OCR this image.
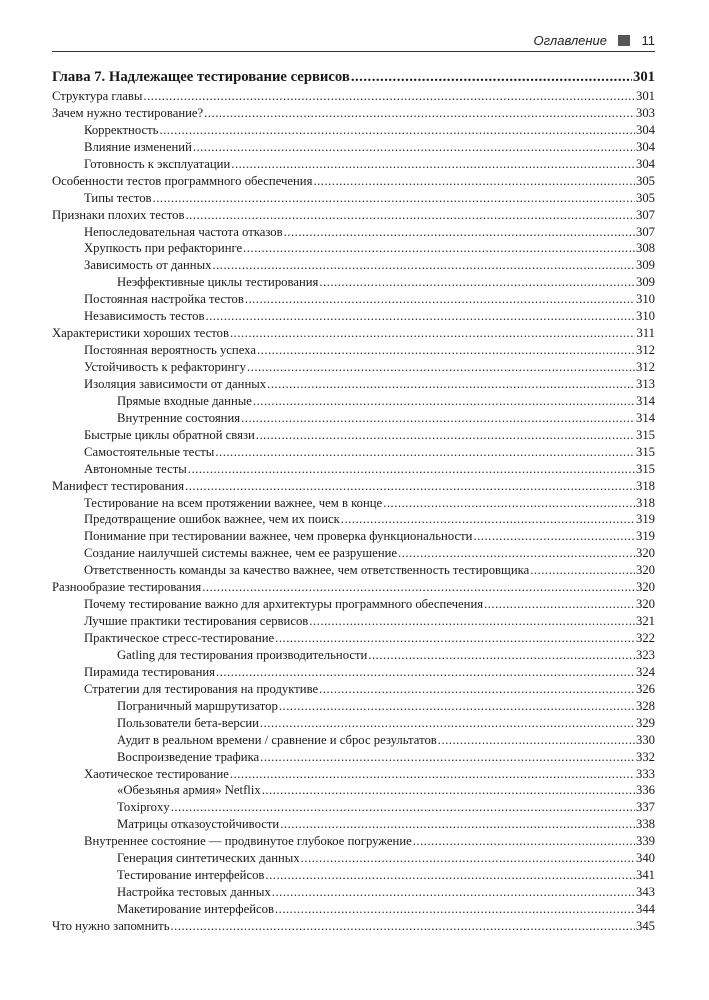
Оглавление	11
Глава 7. Надлежащее тестирование сервисов .....	301
Структура главы .....	301
Зачем нужно тестирование? .....	303
Корректность .....	304
Влияние изменений .....	304
Готовность к эксплуатации .....	304
Особенности тестов программного обеспечения .....	305
Типы тестов .....	305
Признаки плохих тестов .....	307
Непоследовательная частота отказов .....	307
Хрупкость при рефакторинге .....	308
Зависимость от данных .....	309
Неэффективные циклы тестирования .....	309
Постоянная настройка тестов .....	310
Независимость тестов .....	310
Характеристики хороших тестов .....	311
Постоянная вероятность успеха .....	312
Устойчивость к рефакторингу .....	312
Изоляция зависимости от данных .....	313
Прямые входные данные .....	314
Внутренние состояния .....	314
Быстрые циклы обратной связи .....	315
Самостоятельные тесты .....	315
Автономные тесты .....	315
Манифест тестирования .....	318
Тестирование на всем протяжении важнее, чем в конце .....	318
Предотвращение ошибок важнее, чем их поиск .....	319
Понимание при тестировании важнее, чем проверка функциональности .....	319
Создание наилучшей системы важнее, чем ее разрушение .....	320
Ответственность команды за качество важнее, чем ответственность тестировщика .....	320
Разнообразие тестирования .....	320
Почему тестирование важно для архитектуры программного обеспечения .....	320
Лучшие практики тестирования сервисов .....	321
Практическое стресс-тестирование .....	322
Gatling для тестирования производительности .....	323
Пирамида тестирования .....	324
Стратегии для тестирования на продуктиве .....	326
Пограничный маршрутизатор .....	328
Пользователи бета-версии .....	329
Аудит в реальном времени / сравнение и сброс результатов .....	330
Воспроизведение трафика .....	332
Хаотическое тестирование .....	333
«Обезьянья армия» Netflix .....	336
Toxiproxy .....	337
Матрицы отказоустойчивости .....	338
Внутреннее состояние — продвинутое глубокое погружение .....	339
Генерация синтетических данных .....	340
Тестирование интерфейсов .....	341
Настройка тестовых данных .....	343
Макетирование интерфейсов .....	344
Что нужно запомнить .....	345
